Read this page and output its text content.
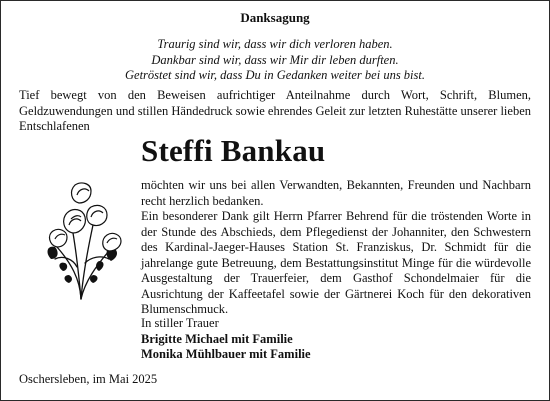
Danksagung
Traurig sind wir, dass wir dich verloren haben.
Dankbar sind wir, dass wir Mir dir leben durften.
Getröstet sind wir, dass Du in Gedanken weiter bei uns bist.
Tief bewegt von den Beweisen aufrichtiger Anteilnahme durch Wort, Schrift, Blumen, Geldzuwendungen und stillen Händedruck sowie ehrendes Geleit zur letzten Ruhestätte unserer lieben Entschlafenen
Steffi Bankau

möchten wir uns bei allen Verwandten, Bekannten, Freunden und Nachbarn recht herzlich bedanken.

Ein besonderer Dank gilt Herrn Pfarrer Behrend für die tröstenden Worte in der Stunde des Abschieds, dem Pflegedienst der Johanniter, den Schwestern des Kardinal-Jaeger-Hauses Station St. Franziskus, Dr. Schmidt für die jahrelange gute Betreuung, dem Bestattungsinstitut Minge für die würdevolle Ausgestaltung der Trauerfeier, dem Gasthof Schondelmaier für die Ausrichtung der Kaffeetafel sowie der Gärtnerei Koch für den dekorativen Blumenschmuck.

In stiller Trauer
Brigitte Michael mit Familie
Monika Mühlbauer mit Familie
Oschersleben, im Mai 2025
